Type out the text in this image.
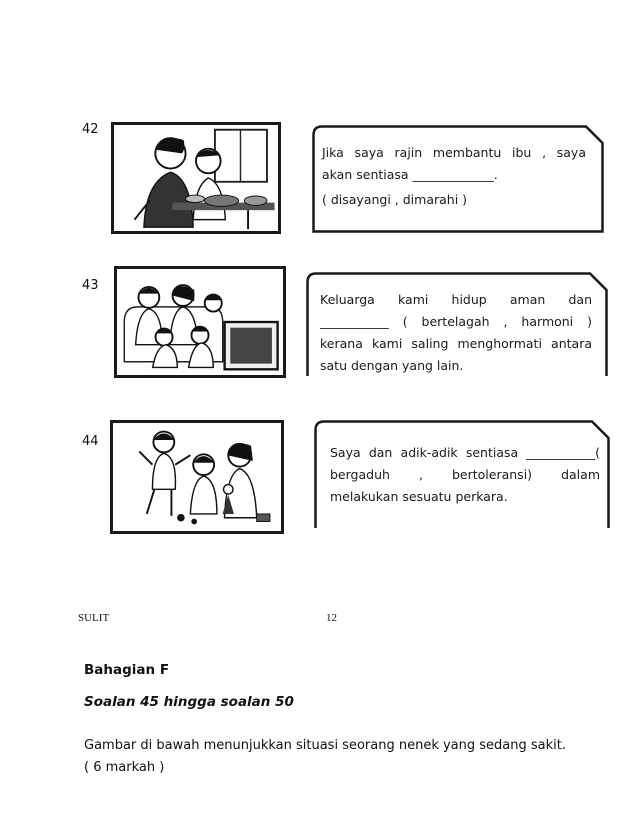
42
Jika saya rajin membantu ibu , saya
akan sentiasa _____________.
( disayangi , dimarahi )
43
Keluarga kami hidup aman dan
___________ ( bertelagah , harmoni )
kerana kami saling menghormati antara
satu dengan yang lain.
44
Saya dan adik-adik sentiasa ___________(
bergaduh , bertoleransi) dalam
melakukan sesuatu perkara.
SULIT	12
Bahagian F
Soalan 45 hingga soalan 50
Gambar di bawah menunjukkan situasi seorang nenek yang sedang sakit.
( 6 markah )
